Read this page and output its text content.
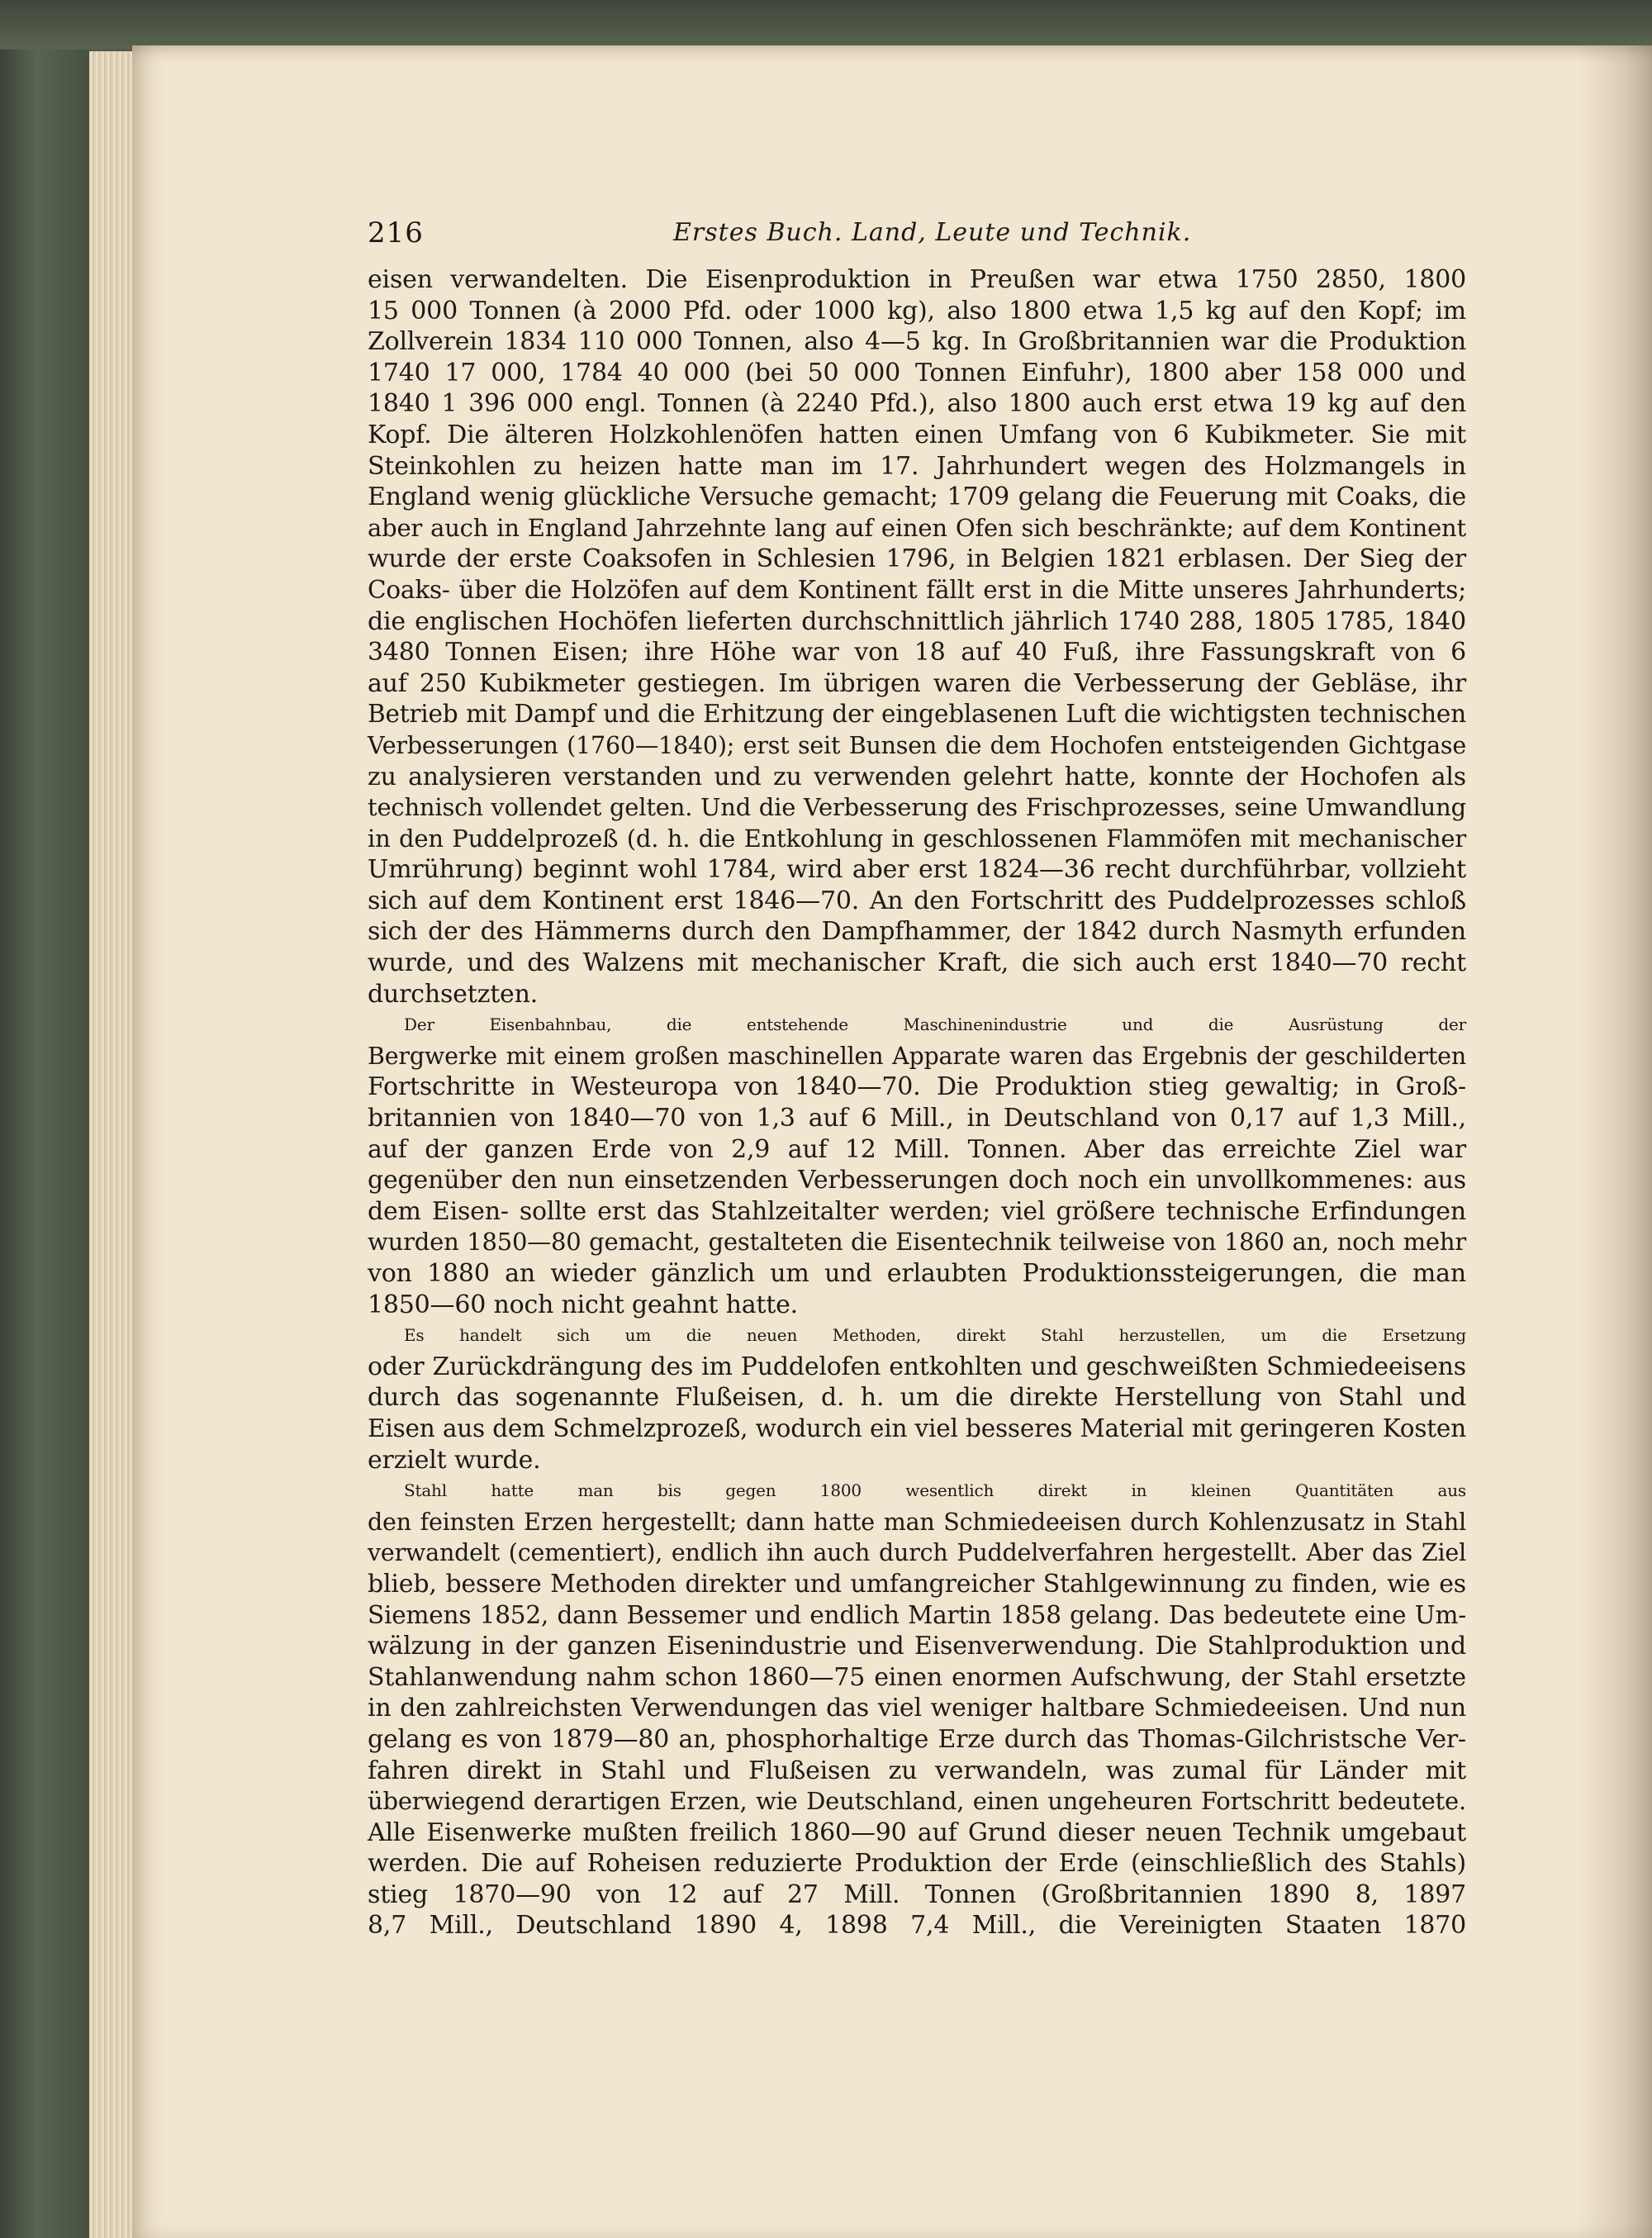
216	Erstes Buch. Land, Leute und Technik.
eisen verwandelten. Die Eisenproduktion in Preußen war etwa 1750 2850, 1800
15 000 Tonnen (à 2000 Pfd. oder 1000 kg), also 1800 etwa 1,5 kg auf den Kopf; im
Zollverein 1834 110 000 Tonnen, also 4—5 kg. In Großbritannien war die Produktion
1740 17 000, 1784 40 000 (bei 50 000 Tonnen Einfuhr), 1800 aber 158 000 und
1840 1 396 000 engl. Tonnen (à 2240 Pfd.), also 1800 auch erst etwa 19 kg auf den
Kopf. Die älteren Holzkohlenöfen hatten einen Umfang von 6 Kubikmeter. Sie mit
Steinkohlen zu heizen hatte man im 17. Jahrhundert wegen des Holzmangels in
England wenig glückliche Versuche gemacht; 1709 gelang die Feuerung mit Coaks, die
aber auch in England Jahrzehnte lang auf einen Ofen sich beschränkte; auf dem Kontinent
wurde der erste Coaksofen in Schlesien 1796, in Belgien 1821 erblasen. Der Sieg der
Coaks- über die Holzöfen auf dem Kontinent fällt erst in die Mitte unseres Jahrhunderts;
die englischen Hochöfen lieferten durchschnittlich jährlich 1740 288, 1805 1785, 1840
3480 Tonnen Eisen; ihre Höhe war von 18 auf 40 Fuß, ihre Fassungskraft von 6
auf 250 Kubikmeter gestiegen. Im übrigen waren die Verbesserung der Gebläse, ihr
Betrieb mit Dampf und die Erhitzung der eingeblasenen Luft die wichtigsten technischen
Verbesserungen (1760—1840); erst seit Bunsen die dem Hochofen entsteigenden Gichtgase
zu analysieren verstanden und zu verwenden gelehrt hatte, konnte der Hochofen als
technisch vollendet gelten. Und die Verbesserung des Frischprozesses, seine Umwandlung
in den Puddelprozeß (d. h. die Entkohlung in geschlossenen Flammöfen mit mechanischer
Umrührung) beginnt wohl 1784, wird aber erst 1824—36 recht durchführbar, vollzieht
sich auf dem Kontinent erst 1846—70. An den Fortschritt des Puddelprozesses schloß
sich der des Hämmerns durch den Dampfhammer, der 1842 durch Nasmyth erfunden
wurde, und des Walzens mit mechanischer Kraft, die sich auch erst 1840—70 recht
durchsetzten.
Der Eisenbahnbau, die entstehende Maschinenindustrie und die Ausrüstung der
Bergwerke mit einem großen maschinellen Apparate waren das Ergebnis der geschilderten
Fortschritte in Westeuropa von 1840—70. Die Produktion stieg gewaltig; in Groß-
britannien von 1840—70 von 1,3 auf 6 Mill., in Deutschland von 0,17 auf 1,3 Mill.,
auf der ganzen Erde von 2,9 auf 12 Mill. Tonnen. Aber das erreichte Ziel war
gegenüber den nun einsetzenden Verbesserungen doch noch ein unvollkommenes: aus
dem Eisen- sollte erst das Stahlzeitalter werden; viel größere technische Erfindungen
wurden 1850—80 gemacht, gestalteten die Eisentechnik teilweise von 1860 an, noch mehr
von 1880 an wieder gänzlich um und erlaubten Produktionssteigerungen, die man
1850—60 noch nicht geahnt hatte.
Es handelt sich um die neuen Methoden, direkt Stahl herzustellen, um die Ersetzung
oder Zurückdrängung des im Puddelofen entkohlten und geschweißten Schmiedeeisens
durch das sogenannte Flußeisen, d. h. um die direkte Herstellung von Stahl und
Eisen aus dem Schmelzprozeß, wodurch ein viel besseres Material mit geringeren Kosten
erzielt wurde.
Stahl hatte man bis gegen 1800 wesentlich direkt in kleinen Quantitäten aus
den feinsten Erzen hergestellt; dann hatte man Schmiedeeisen durch Kohlenzusatz in Stahl
verwandelt (cementiert), endlich ihn auch durch Puddelverfahren hergestellt. Aber das Ziel
blieb, bessere Methoden direkter und umfangreicher Stahlgewinnung zu finden, wie es
Siemens 1852, dann Bessemer und endlich Martin 1858 gelang. Das bedeutete eine Um-
wälzung in der ganzen Eisenindustrie und Eisenverwendung. Die Stahlproduktion und
Stahlanwendung nahm schon 1860—75 einen enormen Aufschwung, der Stahl ersetzte
in den zahlreichsten Verwendungen das viel weniger haltbare Schmiedeeisen. Und nun
gelang es von 1879—80 an, phosphorhaltige Erze durch das Thomas-Gilchristsche Ver-
fahren direkt in Stahl und Flußeisen zu verwandeln, was zumal für Länder mit
überwiegend derartigen Erzen, wie Deutschland, einen ungeheuren Fortschritt bedeutete.
Alle Eisenwerke mußten freilich 1860—90 auf Grund dieser neuen Technik umgebaut
werden. Die auf Roheisen reduzierte Produktion der Erde (einschließlich des Stahls)
stieg 1870—90 von 12 auf 27 Mill. Tonnen (Großbritannien 1890 8, 1897
8,7 Mill., Deutschland 1890 4, 1898 7,4 Mill., die Vereinigten Staaten 1870
